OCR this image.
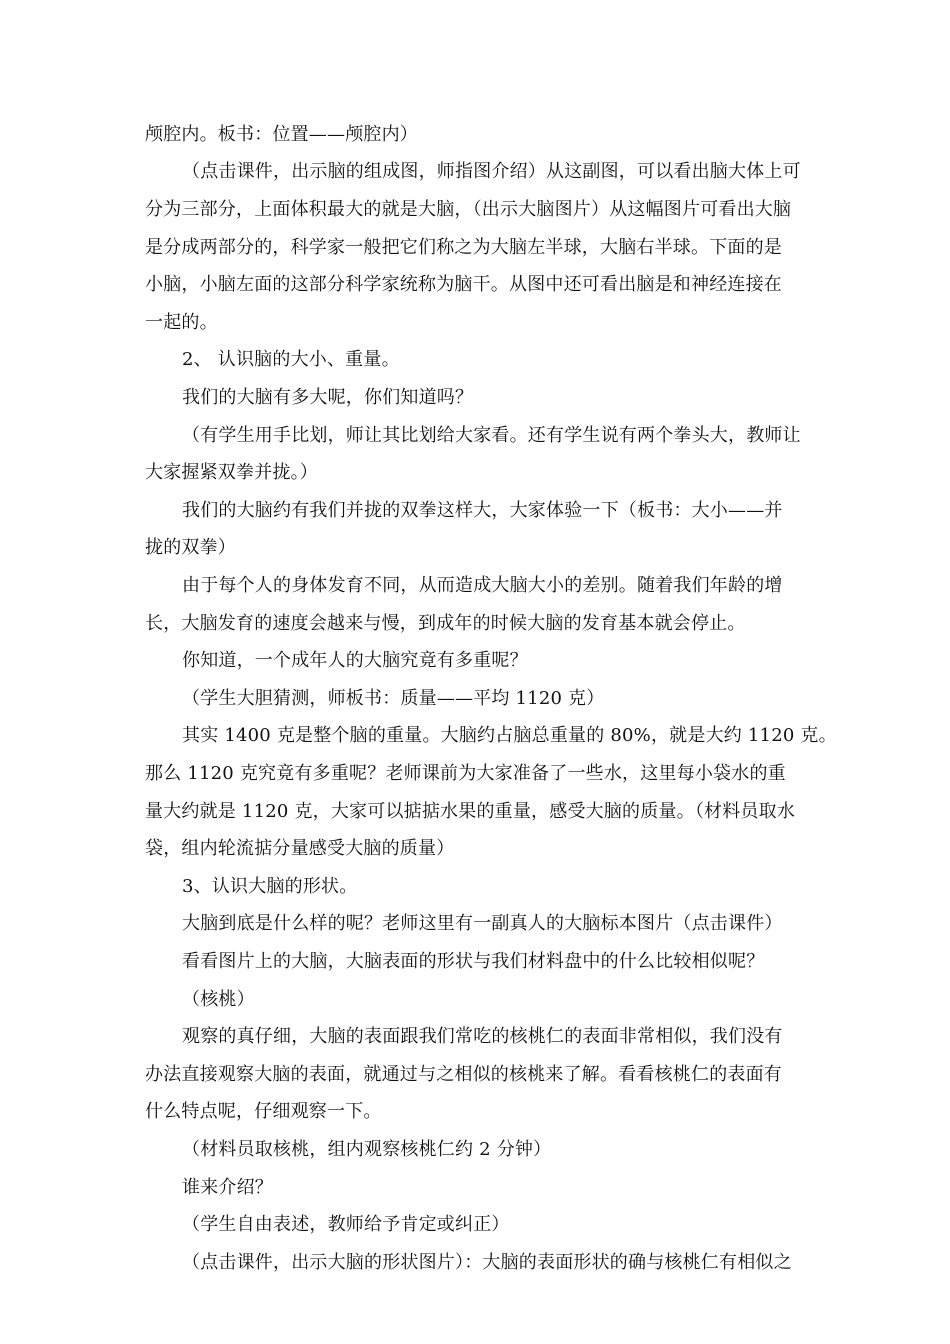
颅腔内。板书：位置——颅腔内）
（点击课件，出示脑的组成图，师指图介绍）从这副图，可以看出脑大体上可
分为三部分，上面体积最大的就是大脑，（出示大脑图片）从这幅图片可看出大脑
是分成两部分的，科学家一般把它们称之为大脑左半球，大脑右半球。下面的是
小脑，小脑左面的这部分科学家统称为脑干。从图中还可看出脑是和神经连接在
一起的。
2、 认识脑的大小、重量。
我们的大脑有多大呢，你们知道吗？
（有学生用手比划，师让其比划给大家看。还有学生说有两个拳头大，教师让
大家握紧双拳并拢。）
我们的大脑约有我们并拢的双拳这样大，大家体验一下（板书：大小——并
拢的双拳）
由于每个人的身体发育不同，从而造成大脑大小的差别。随着我们年龄的增
长，大脑发育的速度会越来与慢，到成年的时候大脑的发育基本就会停止。
你知道，一个成年人的大脑究竟有多重呢？
（学生大胆猜测，师板书：质量——平均 1120 克）
其实 1400 克是整个脑的重量。大脑约占脑总重量的 80%，就是大约 1120 克。
那么 1120 克究竟有多重呢？老师课前为大家准备了一些水，这里每小袋水的重
量大约就是 1120 克，大家可以掂掂水果的重量，感受大脑的质量。（材料员取水
袋，组内轮流掂分量感受大脑的质量）
3、认识大脑的形状。
大脑到底是什么样的呢？老师这里有一副真人的大脑标本图片（点击课件）
看看图片上的大脑，大脑表面的形状与我们材料盘中的什么比较相似呢？
（核桃）
观察的真仔细，大脑的表面跟我们常吃的核桃仁的表面非常相似，我们没有
办法直接观察大脑的表面，就通过与之相似的核桃来了解。看看核桃仁的表面有
什么特点呢，仔细观察一下。
（材料员取核桃，组内观察核桃仁约 2 分钟）
谁来介绍？
（学生自由表述，教师给予肯定或纠正）
（点击课件，出示大脑的形状图片）：大脑的表面形状的确与核桃仁有相似之
